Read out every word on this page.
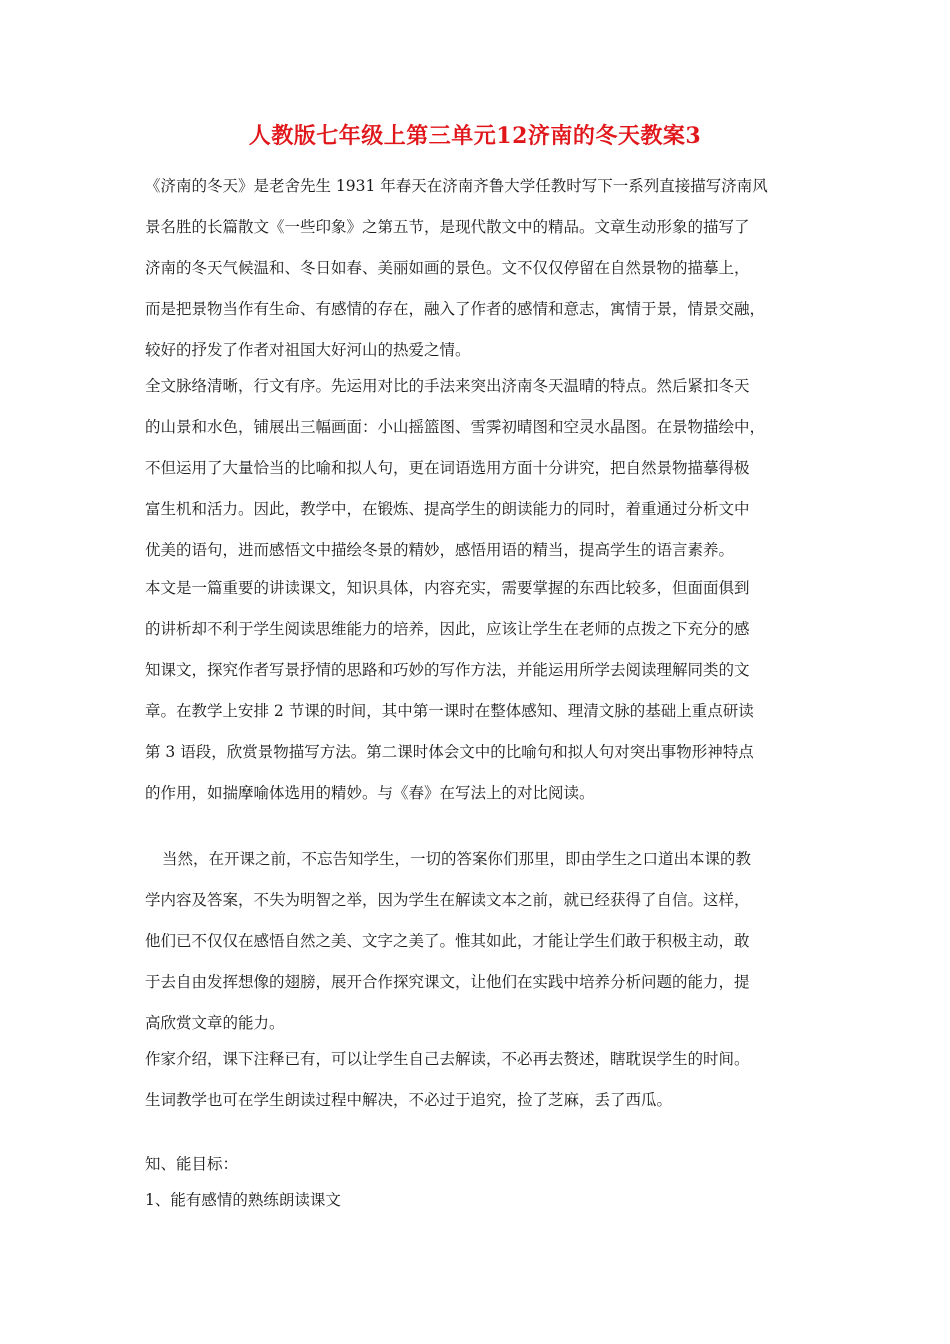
人教版七年级上第三单元12济南的冬天教案3
《济南的冬天》是老舍先生 1931 年春天在济南齐鲁大学任教时写下一系列直接描写济南风
景名胜的长篇散文《一些印象》之第五节，是现代散文中的精品。文章生动形象的描写了
济南的冬天气候温和、冬日如春、美丽如画的景色。文不仅仅停留在自然景物的描摹上，
而是把景物当作有生命、有感情的存在，融入了作者的感情和意志，寓情于景，情景交融，
较好的抒发了作者对祖国大好河山的热爱之情。
全文脉络清晰，行文有序。先运用对比的手法来突出济南冬天温晴的特点。然后紧扣冬天
的山景和水色，铺展出三幅画面：小山摇篮图、雪霁初晴图和空灵水晶图。在景物描绘中，
不但运用了大量恰当的比喻和拟人句，更在词语选用方面十分讲究，把自然景物描摹得极
富生机和活力。因此，教学中，在锻炼、提高学生的朗读能力的同时，着重通过分析文中
优美的语句，进而感悟文中描绘冬景的精妙，感悟用语的精当，提高学生的语言素养。
本文是一篇重要的讲读课文，知识具体，内容充实，需要掌握的东西比较多，但面面俱到
的讲析却不利于学生阅读思维能力的培养，因此，应该让学生在老师的点拨之下充分的感
知课文，探究作者写景抒情的思路和巧妙的写作方法，并能运用所学去阅读理解同类的文
章。在教学上安排 2 节课的时间，其中第一课时在整体感知、理清文脉的基础上重点研读
第 3 语段，欣赏景物描写方法。第二课时体会文中的比喻句和拟人句对突出事物形神特点
的作用，如揣摩喻体选用的精妙。与《春》在写法上的对比阅读。
当然，在开课之前，不忘告知学生，一切的答案你们那里，即由学生之口道出本课的教
学内容及答案，不失为明智之举，因为学生在解读文本之前，就已经获得了自信。这样，
他们已不仅仅在感悟自然之美、文字之美了。惟其如此，才能让学生们敢于积极主动，敢
于去自由发挥想像的翅膀，展开合作探究课文，让他们在实践中培养分析问题的能力，提
高欣赏文章的能力。
作家介绍，课下注释已有，可以让学生自己去解读，不必再去赘述，瞎耽误学生的时间。
生词教学也可在学生朗读过程中解决，不必过于追究，捡了芝麻，丢了西瓜。
知、能目标：
1、能有感情的熟练朗读课文
